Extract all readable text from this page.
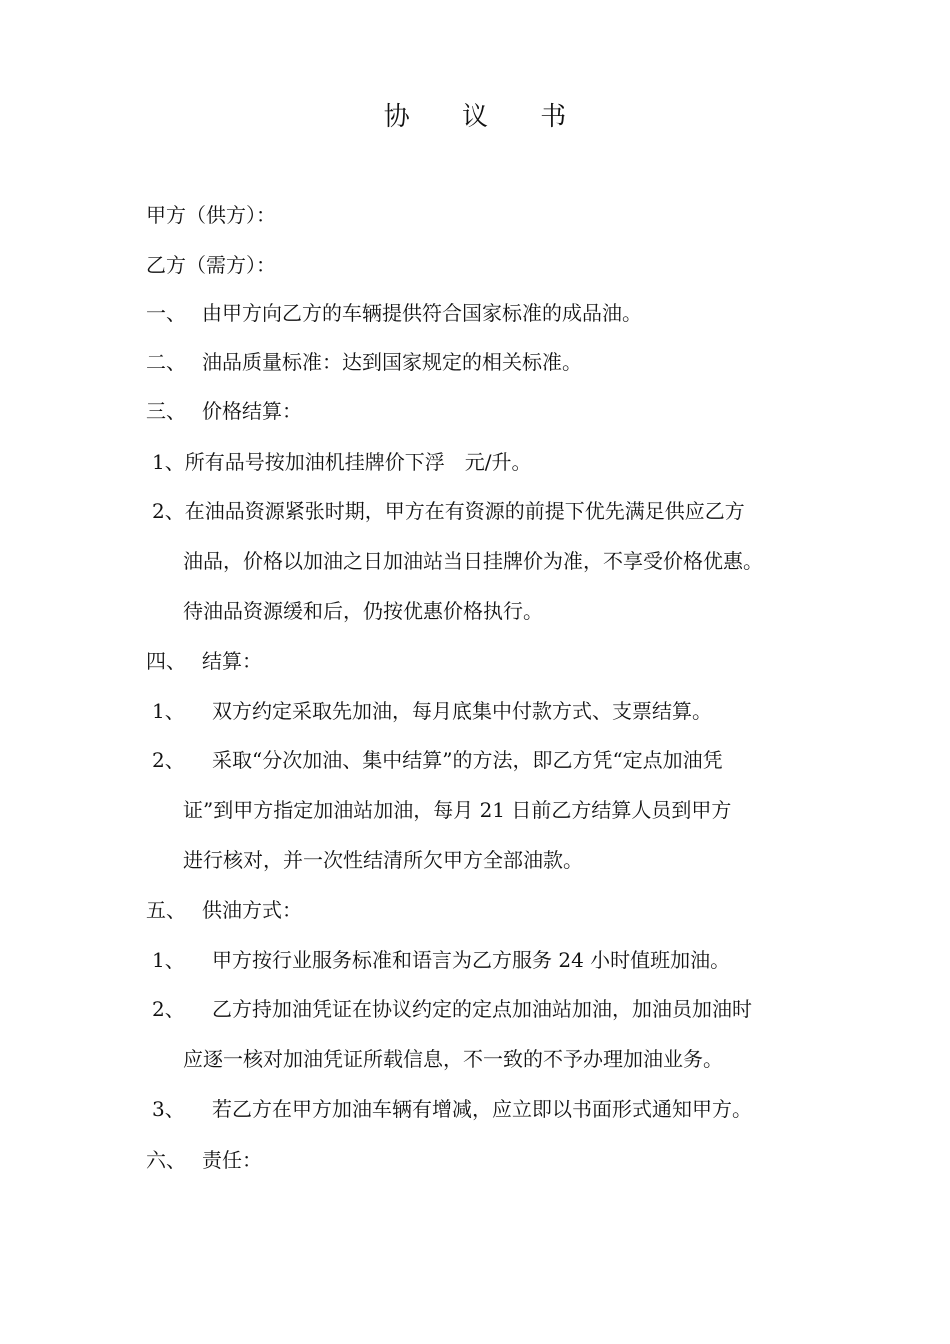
协 议 书
甲方（供方）：
乙方（需方）：
一、 由甲方向乙方的车辆提供符合国家标准的成品油。
二、 油品质量标准：达到国家规定的相关标准。
三、 价格结算：
1、所有品号按加油机挂牌价下浮　元/升。
2、在油品资源紧张时期，甲方在有资源的前提下优先满足供应乙方
油品，价格以加油之日加油站当日挂牌价为准，不享受价格优惠。
待油品资源缓和后，仍按优惠价格执行。
四、 结算：
1、 双方约定采取先加油，每月底集中付款方式、支票结算。
2、 采取“分次加油、集中结算”的方法，即乙方凭“定点加油凭
证”到甲方指定加油站加油，每月 21 日前乙方结算人员到甲方
进行核对，并一次性结清所欠甲方全部油款。
五、 供油方式：
1、 甲方按行业服务标准和语言为乙方服务 24 小时值班加油。
2、 乙方持加油凭证在协议约定的定点加油站加油，加油员加油时
应逐一核对加油凭证所载信息，不一致的不予办理加油业务。
3、 若乙方在甲方加油车辆有增减，应立即以书面形式通知甲方。
六、 责任：
